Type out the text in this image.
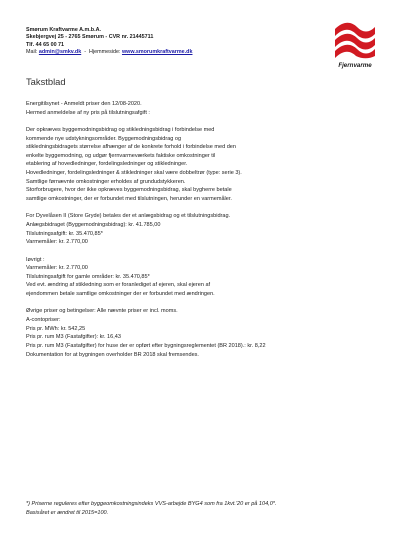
Smørum Kraftvarme A.m.b.A.
Skebjergvej 25 - 2765 Smørum - CVR nr. 21445711
Tlf. 44 65 00 71
Mail: admin@smkv.dk  -  Hjemmeside: www.smorumkraftvarme.dk
Fjernvarme
Takstblad
Energitilsynet - Anmeldt priser den 12/08-2020.
Hermed anmeldelse af ny pris på tilslutningsafgift :
Der opkræves byggemodningsbidrag og stikledningsbidrag i forbindelse med
kommende nye udstykningsområder. Byggemodningsbidrag og
stikledningsbidragets størrelse afhænger af de konkrete forhold i forbindelse med den
enkelte byggemodning, og udgør fjernvarmeværkets faktiske omkostninger til
etablering af hovedledninger, fordelingsledninger og stikledninger.
Hovedledninger, fordelingsledninger & stikledninger skal være dobbeltrør (type: serie 3).
Samtlige førnævnte omkostninger erholdes af grundudstykkeren.
Storforbrugere, hvor der ikke opkræves byggemodningsbidrag, skal bygherre betale
samtlige omkostninger, der er forbundet med tilslutningen, herunder en varmemåler.
For Dyvelåsen II (Store Gryde) betales der et anlægsbidrag og et tilslutningsbidrag.
Anlægsbidraget (Byggemodningsbidrag): kr. 41.785,00
Tilslutningsafgift: kr. 35.470,85*
Varmemåler: kr. 2.770,00
Iøvrigt :
Varmemåler: kr. 2.770,00
Tilslutningsafgift for gamle områder: kr. 35.470,85*
Ved evt. ændring af stikledning som er foranlediget af ejeren, skal ejeren af
ejendommen betale samtlige omkostninger der er forbundet med ændringen.
Øvrige priser og betingelser: Alle nævnte priser er incl. moms.
A-contopriser:
Pris pr. MWh: kr. 542,25
Pris pr. rum M3 (Fastafgifter): kr. 16,43
Pris pr. rum M3 (Fastafgifter) for huse der er opført efter bygningsreglementet (BR 2018).: kr. 8,22
Dokumentation for at bygningen overholder BR 2018 skal fremsendes.
*) Priserne reguleres efter byggeomkostningsindeks VVS-arbejde BYG4 som fra 1kvt.'20 er på 104,0*.
Basisåret er ændret til 2015=100.
